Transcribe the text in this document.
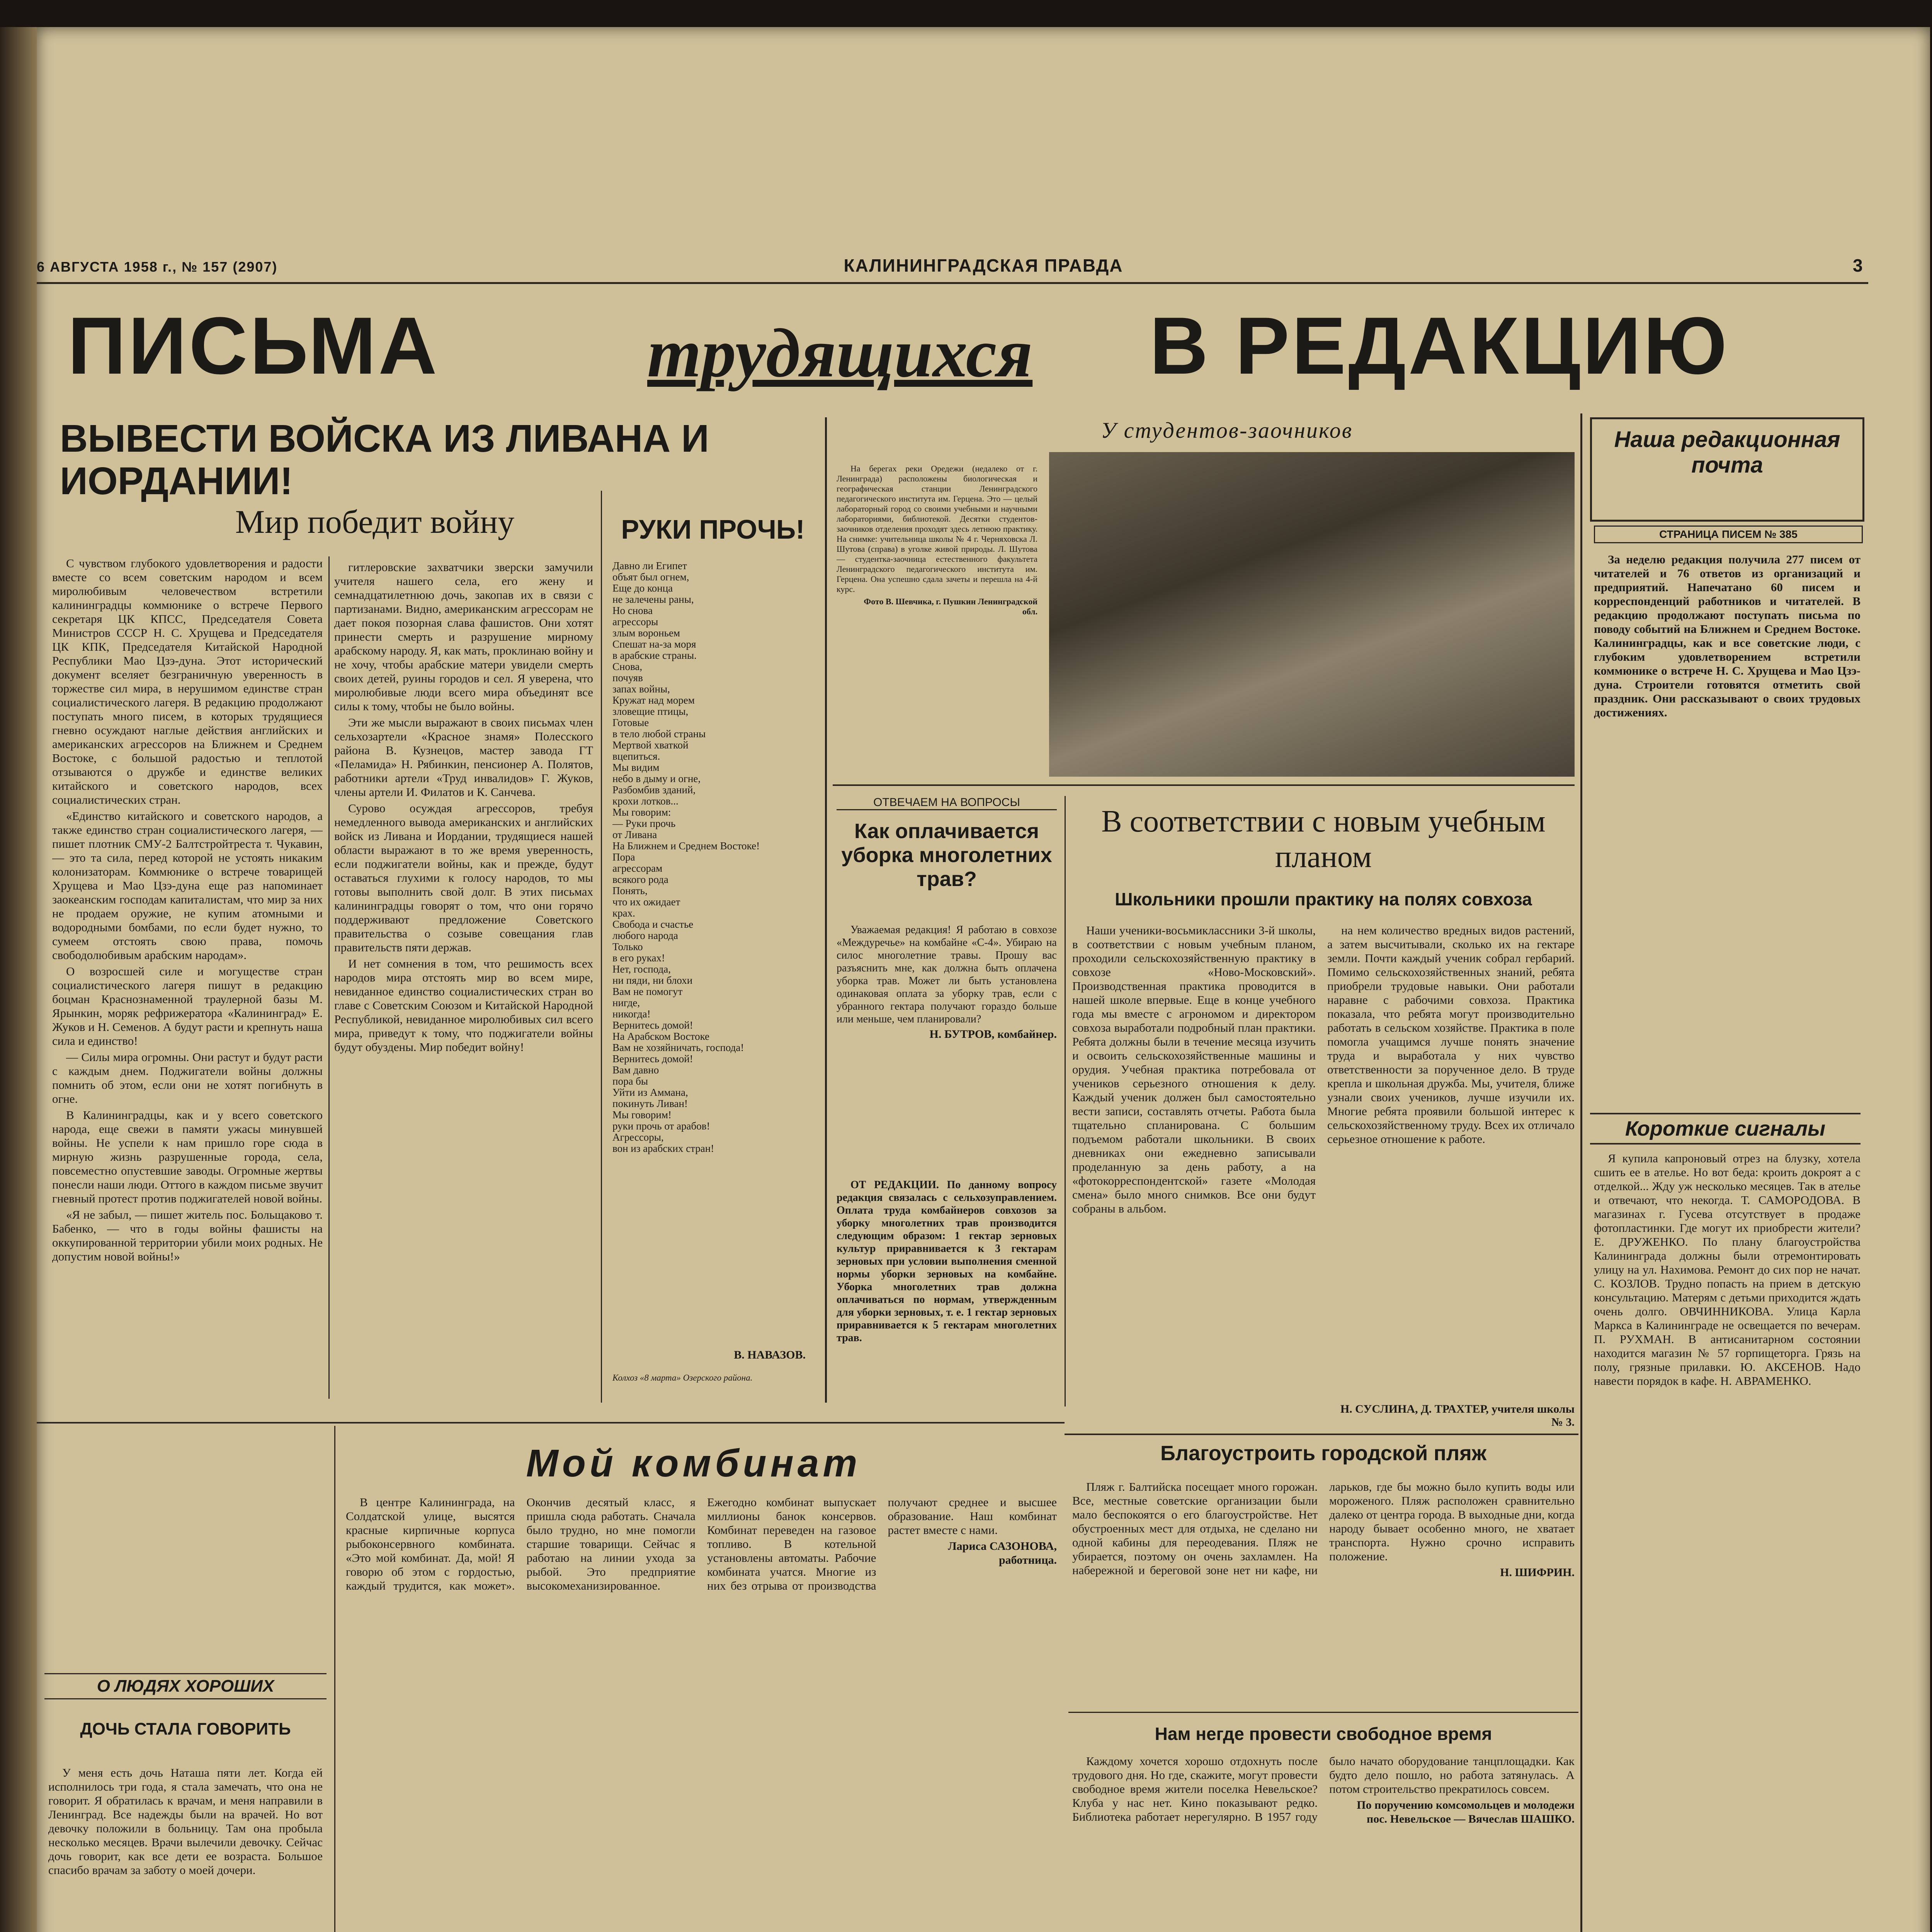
6 АВГУСТА 1958 г., № 157 (2907)	КАЛИНИНГРАДСКАЯ ПРАВДА	3
ПИСЬМА	трудящихся В РЕДАКЦИЮ
ВЫВЕСТИ ВОЙСКА ИЗ ЛИВАНА И ИОРДАНИИ!
Мир победит войну

С чувством глубокого удовлетворения и радости вместе со всем советским народом и всем миролюбивым человечеством встретили калининградцы коммюнике о встрече Первого секретаря ЦК КПСС, Председателя Совета Министров СССР Н. С. Хрущева и Председателя ЦК КПК, Председателя Китайской Народной Республики Мао Цзэ-дуна. Этот исторический документ вселяет безграничную уверенность в торжестве сил мира, в нерушимом единстве стран социалистического лагеря. В редакцию продолжают поступать много писем, в которых трудящиеся гневно осуждают наглые действия английских и американских агрессоров на Ближнем и Среднем Востоке, с большой радостью и теплотой отзываются о дружбе и единстве великих китайского и советского народов, всех социалистических стран.

«Единство китайского и советского народов, а также единство стран социалистического лагеря, — пишет плотник СМУ-2 Балтстройтреста т. Чукавин, — это та сила, перед которой не устоять никаким колонизаторам. Коммюнике о встрече товарищей Хрущева и Мао Цзэ-дуна еще раз напоминает заокеанским господам капиталистам, что мир за них не продаем оружие, не купим атомными и водородными бомбами, по если будет нужно, то сумеем отстоять свою права, помочь свободолюбивым арабским народам».

О возросшей силе и могуществе стран социалистического лагеря пишут в редакцию боцман Краснознаменной траулерной базы М. Ярынкин, моряк рефрижератора «Калининград» Е. Жуков и Н. Семенов. А будут расти и крепнуть наша сила и единство!

— Силы мира огромны. Они растут и будут расти с каждым днем. Поджигатели войны должны помнить об этом, если они не хотят погибнуть в огне.

В Калининградцы, как и у всего советского народа, еще свежи в памяти ужасы минувшей войны. Не успели к нам пришло горе сюда в мирную жизнь разрушенные города, села, повсеместно опустевшие заводы. Огромные жертвы понесли наши люди. Оттого в каждом письме звучит гневный протест против поджигателей новой войны.

«Я не забыл, — пишет житель пос. Больщаково т. Бабенко, — что в годы войны фашисты на оккупированной территории убили моих родных. Не допустим новой войны!»

гитлеровские захватчики зверски замучили учителя нашего села, его жену и семнадцатилетнюю дочь, закопав их в связи с партизанами. Видно, американским агрессорам не дает покоя позорная слава фашистов. Они хотят принести смерть и разрушение мирному арабскому народу. Я, как мать, проклинаю войну и не хочу, чтобы арабские матери увидели смерть своих детей, руины городов и сел. Я уверена, что миролюбивые люди всего мира объединят все силы к тому, чтобы не было войны.

Эти же мысли выражают в своих письмах член сельхозартели «Красное знамя» Полесского района В. Кузнецов, мастер завода ГТ «Пеламида» Н. Рябинкин, пенсионер А. Полятов, работники артели «Труд инвалидов» Г. Жуков, члены артели И. Филатов и К. Санчева.

Сурово осуждая агрессоров, требуя немедленного вывода американских и английских войск из Ливана и Иордании, трудящиеся нашей области выражают в то же время уверенность, если поджигатели войны, как и прежде, будут оставаться глухими к голосу народов, то мы готовы выполнить свой долг. В этих письмах калининградцы говорят о том, что они горячо поддерживают предложение Советского правительства о созыве совещания глав правительств пяти держав.

И нет сомнения в том, что решимость всех народов мира отстоять мир во всем мире, невиданное единство социалистических стран во главе с Советским Союзом и Китайской Народной Республикой, невиданное миролюбивых сил всего мира, приведут к тому, что поджигатели войны будут обуздены. Мир победит войну!

РУКИ ПРОЧЬ!
Давно ли Египет
объят был огнем,
Еще до конца
не залечены раны,
Но снова
агрессоры
злым вороньем
Спешат на-за моря
в арабские страны.
Снова,
почуяв
запах войны,
Кружат над морем
зловещие птицы,
Готовые
в тело любой страны
Мертвой хваткой
вцепиться.
Мы видим
небо в дыму и огне,
Разбомбив зданий,
крохи лотков...
Мы говорим:
— Руки прочь
от Ливана
На Ближнем и Среднем Востоке!
Пора
агрессорам
всякого рода
Понять,
что их ожидает
крах.
Свобода и счастье
любого народа
Только
в его руках!
Нет, господа,
ни пяди, ни блохи
Вам не помогут
нигде,
никогда!
Вернитесь домой!
На Арабском Востоке
Вам не хозяйничать, господа!
Вернитесь домой!
Вам давно
пора бы
Уйти из Аммана,
покинуть Ливан!
Мы говорим!
руки прочь от арабов!
Агрессоры,
вон из арабских стран!
В. НАВАЗОВ.
Колхоз «8 марта» Озерского района.
У студентов-заочников

На берегах реки Оредежи (недалеко от г. Ленинграда) расположены биологическая и географическая станции Ленинградского педагогического института им. Герцена. Это — целый лабораторный город со своими учебными и научными лабораториями, библиотекой. Десятки студентов-заочников отделения проходят здесь летнюю практику. На снимке: учительница школы № 4 г. Черняховска Л. Шутова (справа) в уголке живой природы. Л. Шутова — студентка-заочница естественного факультета Ленинградского педагогического института им. Герцена. Она успешно сдала зачеты и перешла на 4-й курс.

Фото В. Шевчика, г. Пушкин Ленинградской обл.

ОТВЕЧАЕМ НА ВОПРОСЫ
Как оплачивается уборка многолетних трав?

Уважаемая редакция! Я работаю в совхозе «Междуречье» на комбайне «С-4». Убираю на силос многолетние травы. Прошу вас разъяснить мне, как должна быть оплачена уборка трав. Может ли быть установлена одинаковая оплата за уборку трав, если с убранного гектара получают гораздо больше или меньше, чем планировали?

Н. БУТРОВ, комбайнер.

ОТ РЕДАКЦИИ. По данному вопросу редакция связалась с сельхозуправлением. Оплата труда комбайнеров совхозов за уборку многолетних трав производится следующим образом: 1 гектар зерновых культур приравнивается к 3 гектарам зерновых при условии выполнения сменной нормы уборки зерновых на комбайне. Уборка многолетних трав должна оплачиваться по нормам, утвержденным для уборки зерновых, т. е. 1 гектар зерновых приравнивается к 5 гектарам многолетних трав.

В соответствии с новым учебным планом
Школьники прошли практику на полях совхоза

Наши ученики-восьмиклассники 3-й школы, в соответствии с новым учебным планом, проходили сельскохозяйственную практику в совхозе «Ново-Московский». Производственная практика проводится в нашей школе впервые. Еще в конце учебного года мы вместе с агрономом и директором совхоза выработали подробный план практики. Ребята должны были в течение месяца изучить и освоить сельскохозяйственные машины и орудия. Учебная практика потребовала от учеников серьезного отношения к делу. Каждый ученик должен был самостоятельно вести записи, составлять отчеты. Работа была тщательно спланирована. С большим подъемом работали школьники. В своих дневниках они ежедневно записывали проделанную за день работу, а на «фотокорреспондентской» газете «Молодая смена» было много снимков. Все они будут собраны в альбом.

на нем количество вредных видов растений, а затем высчитывали, сколько их на гектаре земли. Почти каждый ученик собрал гербарий. Помимо сельскохозяйственных знаний, ребята приобрели трудовые навыки. Они работали наравне с рабочими совхоза. Практика показала, что ребята могут производительно работать в сельском хозяйстве. Практика в поле помогла учащимся лучше понять значение труда и выработала у них чувство ответственности за порученное дело. В труде крепла и школьная дружба. Мы, учителя, ближе узнали своих учеников, лучше изучили их. Многие ребята проявили большой интерес к сельскохозяйственному труду. Всех их отличало серьезное отношение к работе.

Н. СУСЛИНА, Д. ТРАХТЕР, учителя школы № 3.
Мой комбинат

В центре Калининграда, на Солдатской улице, высятся красные кирпичные корпуса рыбоконсервного комбината. «Это мой комбинат. Да, мой! Я говорю об этом с гордостью, каждый трудится, как может». Окончив десятый класс, я пришла сюда работать. Сначала было трудно, но мне помогли старшие товарищи. Сейчас я работаю на линии ухода за рыбой. Это предприятие высокомеханизированное. Ежегодно комбинат выпускает миллионы банок консервов. Комбинат переведен на газовое топливо. В котельной установлены автоматы. Рабочие комбината учатся. Многие из них без отрыва от производства получают среднее и высшее образование. Наш комбинат растет вместе с нами.

Лариса САЗОНОВА, работница.

О ЛЮДЯХ ХОРОШИХ
ДОЧЬ СТАЛА ГОВОРИТЬ

У меня есть дочь Наташа пяти лет. Когда ей исполнилось три года, я стала замечать, что она не говорит. Я обратилась к врачам, и меня направили в Ленинград. Все надежды были на врачей. Но вот девочку положили в больницу. Там она пробыла несколько месяцев. Врачи вылечили девочку. Сейчас дочь говорит, как все дети ее возраста. Большое спасибо врачам за заботу о моей дочери.

Благоустроить городской пляж

Пляж г. Балтийска посещает много горожан. Все, местные советские организации были мало беспокоятся о его благоустройстве. Нет обустроенных мест для отдыха, не сделано ни одной кабины для переодевания. Пляж не убирается, поэтому он очень захламлен. На набережной и береговой зоне нет ни кафе, ни ларьков, где бы можно было купить воды или мороженого. Пляж расположен сравнительно далеко от центра города. В выходные дни, когда народу бывает особенно много, не хватает транспорта. Нужно срочно исправить положение.

Н. ШИФРИН.

Нам негде провести свободное время

Каждому хочется хорошо отдохнуть после трудового дня. Но где, скажите, могут провести свободное время жители поселка Невельское? Клуба у нас нет. Кино показывают редко. Библиотека работает нерегулярно. В 1957 году было начато оборудование танцплощадки. Как будто дело пошло, но работа затянулась. А потом строительство прекратилось совсем.

По поручению комсомольцев и молодежи пос. Невельское — Вячеслав ШАШКО.

Наша редакционная почта
СТРАНИЦА ПИСЕМ № 385

За неделю редакция получила 277 писем от читателей и 76 ответов из организаций и предприятий. Напечатано 60 писем и корреспонденций работников и читателей. В редакцию продолжают поступать письма по поводу событий на Ближнем и Среднем Востоке. Калининградцы, как и все советские люди, с глубоким удовлетворением встретили коммюнике о встрече Н. С. Хрущева и Мао Цзэ-дуна. Строители готовятся отметить свой праздник. Они рассказывают о своих трудовых достижениях.

Короткие сигналы

Я купила капроновый отрез на блузку, хотела сшить ее в ателье. Но вот беда: кроить докроят а с отделкой... Жду уж несколько месяцев. Так в ателье и отвечают, что некогда. Т. САМОРОДОВА. В магазинах г. Гусева отсутствует в продаже фотопластинки. Где могут их приобрести жители? Е. ДРУЖЕНКО. По плану благоустройства Калининграда должны были отремонтировать улицу на ул. Нахимова. Ремонт до сих пор не начат. С. КОЗЛОВ. Трудно попасть на прием в детскую консультацию. Матерям с детьми приходится ждать очень долго. ОВЧИННИКОВА. Улица Карла Маркса в Калининграде не освещается по вечерам. П. РУХМАН. В антисанитарном состоянии находится магазин № 57 горпищеторга. Грязь на полу, грязные прилавки. Ю. АКСЕНОВ. Надо навести порядок в кафе. Н. АВРАМЕНКО.
